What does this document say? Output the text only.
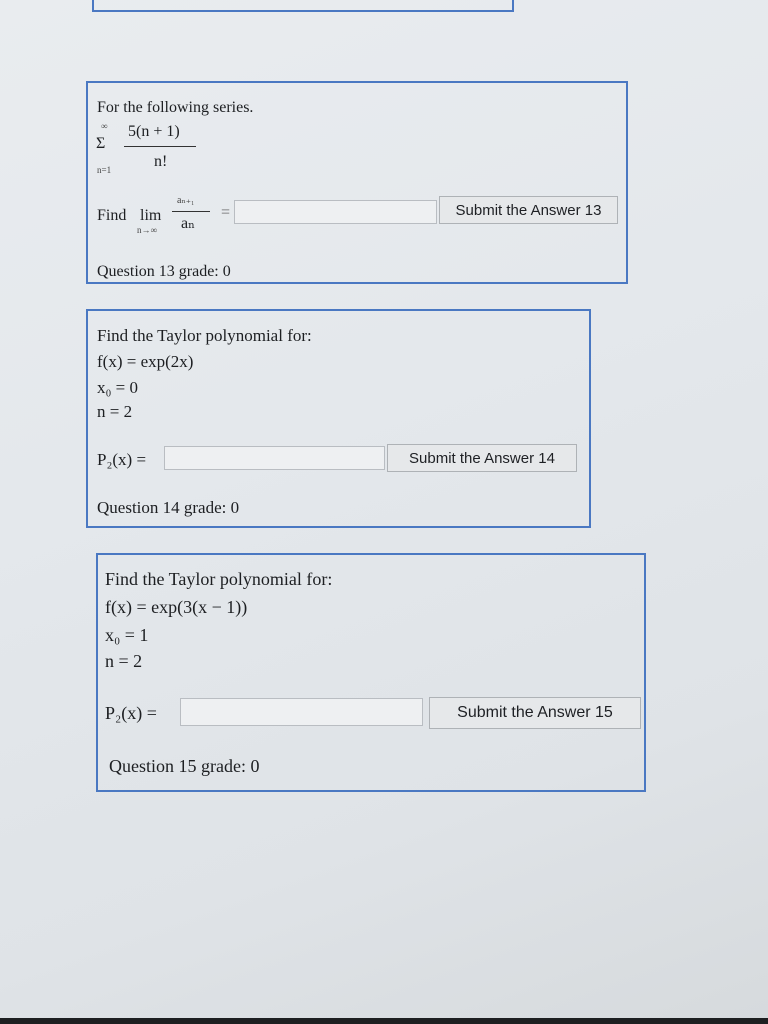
For the following series.
∞
Σ
n=1
5(n + 1)
n!
Find lim
n→∞
aₙ₊₁
aₙ
=	Submit the Answer 13
Question 13 grade: 0
Find the Taylor polynomial for:
f(x) = exp(2x)
x₀ = 0
n = 2
P₂(x) =	Submit the Answer 14
Question 14 grade: 0
Find the Taylor polynomial for:
f(x) = exp(3(x − 1))
x₀ = 1
n = 2
P₂(x) =	Submit the Answer 15
Question 15 grade: 0
